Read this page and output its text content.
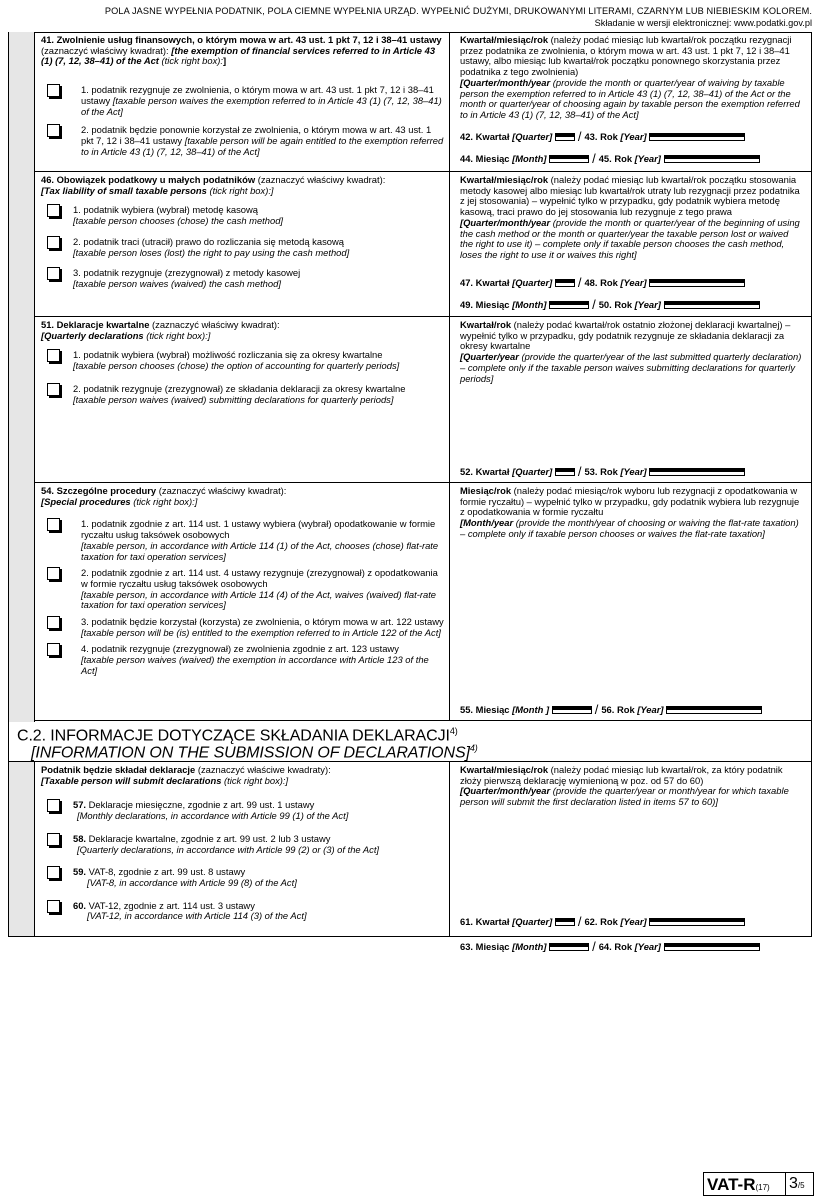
POLA JASNE WYPEŁNIA PODATNIK, POLA CIEMNE WYPEŁNIA URZĄD. WYPEŁNIĆ DUŻYMI, DRUKOWANYMI LITERAMI, CZARNYM LUB NIEBIESKIM KOLOREM.
Składanie w wersji elektronicznej: www.podatki.gov.pl
41. Zwolnienie usług finansowych, o którym mowa w art. 43 ust. 1 pkt 7, 12 i 38–41 ustawy (zaznaczyć właściwy kwadrat): [the exemption of financial services referred to in Article 43 (1) (7, 12, 38–41) of the Act (tick right box):]
1. podatnik rezygnuje ze zwolnienia, o którym mowa w art. 43 ust. 1 pkt 7, 12 i 38–41 ustawy [taxable person waives the exemption referred to in Article 43 (1) (7, 12, 38–41) of the Act]
2. podatnik będzie ponownie korzystał ze zwolnienia, o którym mowa w art. 43 ust. 1 pkt 7, 12 i 38–41 ustawy [taxable person will be again entitled to the exemption referred to in Article 43 (1) (7, 12, 38–41) of the Act]
Kwartał/miesiąc/rok (należy podać miesiąc lub kwartał/rok początku rezygnacji przez podatnika ze zwolnienia, o którym mowa w art. 43 ust. 1 pkt 7, 12 i 38–41 ustawy, albo miesiąc lub kwartał/rok początku ponownego skorzystania przez podatnika z tego zwolnienia)
[Quarter/month/year (provide the month or quarter/year of waiving by taxable person the exemption referred to in Article 43 (1) (7, 12, 38–41) of the Act or the month or quarter/year of choosing again by taxable person the exemption referred to in Article 43 (1) (7, 12, 38–41) of the Act]
42. Kwartał [Quarter] / 43. Rok [Year]
44. Miesiąc [Month]	/ 45. Rok [Year]
46. Obowiązek podatkowy u małych podatników (zaznaczyć właściwy kwadrat):
[Tax liability of small taxable persons (tick right box):]
1. podatnik wybiera (wybrał) metodę kasową
[taxable person chooses (chose) the cash method]
2. podatnik traci (utracił) prawo do rozliczania się metodą kasową
[taxable person loses (lost) the right to pay using the cash method]
3. podatnik rezygnuje (zrezygnował) z metody kasowej
[taxable person waives (waived) the cash method]
Kwartał/miesiąc/rok (należy podać miesiąc lub kwartał/rok początku stosowania metody kasowej albo miesiąc lub kwartał/rok utraty lub rezygnacji przez podatnika z jej stosowania) – wypełnić tylko w przypadku, gdy podatnik wybiera metodę kasową, traci prawo do jej stosowania lub rezygnuje z tego prawa
[Quarter/month/year (provide the month or quarter/year of the beginning of using the cash method or the month or quarter/year the taxable person lost or waived the right to use it) – complete only if taxable person chooses the cash method, loses the right to use it or waives this right]
47. Kwartał [Quarter] / 48. Rok [Year]
49. Miesiąc [Month]	/ 50. Rok [Year]
51. Deklaracje kwartalne (zaznaczyć właściwy kwadrat):
[Quarterly declarations (tick right box):]
1. podatnik wybiera (wybrał) możliwość rozliczania się za okresy kwartalne
[taxable person chooses (chose) the option of accounting for quarterly periods]
2. podatnik rezygnuje (zrezygnował) ze składania deklaracji za okresy kwartalne
[taxable person waives (waived) submitting declarations for quarterly periods]
Kwartał/rok (należy podać kwartał/rok ostatnio złożonej deklaracji kwartalnej) – wypełnić tylko w przypadku, gdy podatnik rezygnuje ze składania deklaracji za okresy kwartalne
[Quarter/year (provide the quarter/year of the last submitted quarterly declaration) – complete only if the taxable person waives submitting declarations for quarterly periods]
52. Kwartał [Quarter] / 53. Rok [Year]
54. Szczególne procedury (zaznaczyć właściwy kwadrat):
[Special procedures (tick right box):]
1. podatnik zgodnie z art. 114 ust. 1 ustawy wybiera (wybrał) opodatkowanie w formie ryczałtu usług taksówek osobowych
[taxable person, in accordance with Article 114 (1) of the Act, chooses (chose) flat-rate taxation for taxi operation services]
2. podatnik zgodnie z art. 114 ust. 4 ustawy rezygnuje (zrezygnował) z opodatkowania w formie ryczałtu usług taksówek osobowych
[taxable person, in accordance with Article 114 (4) of the Act, waives (waived) flat-rate taxation for taxi operation services]
3. podatnik będzie korzystał (korzysta) ze zwolnienia, o którym mowa w art. 122 ustawy
[taxable person will be (is) entitled to the exemption referred to in Article 122 of the Act]
4. podatnik rezygnuje (zrezygnował) ze zwolnienia zgodnie z art. 123 ustawy
[taxable person waives (waived) the exemption in accordance with Article 123 of the Act]
Miesiąc/rok (należy podać miesiąc/rok wyboru lub rezygnacji z opodatkowania w formie ryczałtu) – wypełnić tylko w przypadku, gdy podatnik wybiera lub rezygnuje z opodatkowania w formie ryczałtu
[Month/year (provide the month/year of choosing or waiving the flat-rate taxation) – complete only if taxable person chooses or waives the flat-rate taxation]
55. Miesiąc [Month ]	/ 56. Rok [Year]
C.2. INFORMACJE DOTYCZĄCE SKŁADANIA DEKLARACJI$^{4)}$
[INFORMATION ON THE SUBMISSION OF DECLARATIONS]$^{4)}$
Podatnik będzie składał deklaracje (zaznaczyć właściwe kwadraty):
[Taxable person will submit declarations (tick right box):]
57. Deklaracje miesięczne, zgodnie z art. 99 ust. 1 ustawy
[Monthly declarations, in accordance with Article 99 (1) of the Act]
58. Deklaracje kwartalne, zgodnie z art. 99 ust. 2 lub 3 ustawy
[Quarterly declarations, in accordance with Article 99 (2) or (3) of the Act]
59. VAT-8, zgodnie z art. 99 ust. 8 ustawy
[VAT-8, in accordance with Article 99 (8) of the Act]
60. VAT-12, zgodnie z art. 114 ust. 3 ustawy
[VAT-12, in accordance with Article 114 (3) of the Act]
Kwartał/miesiąc/rok (należy podać miesiąc lub kwartał/rok, za który podatnik złoży pierwszą deklarację wymienioną w poz. od 57 do 60)
[Quarter/month/year (provide the quarter/year or month/year for which taxable person will submit the first declaration listed in items 57 to 60)]
61. Kwartał [Quarter] / 62. Rok [Year]
63. Miesiąc [Month]	/ 64. Rok [Year]
VAT-R(17)	3/5
